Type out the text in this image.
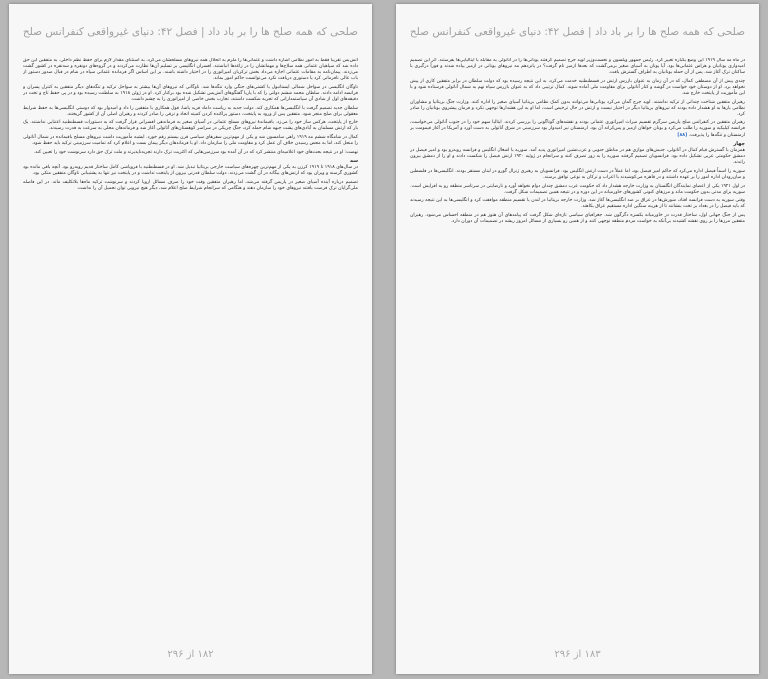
صلحی که همه صلح ها را بر باد داد | فصل ۴۲: دنیای غیرواقعی کنفرانس صلح

آتش‌بس تقریباً فقط به امور نظامی اشاره داشت و عثمانی‌ها را ملزم به انحلال همه نیروهای مسلحشان می‌کرد، به استثنای مقدار لازم برای حفظ نظم داخلی. به متفقین این حق داده شد که سپاهیان عثمانی همه سلاح‌ها و مهماتشان را در زاغه‌ها انباشتند. افسران انگلیسی بر تسلیم آن‌ها نظارت می‌کردند و در گروه‌های دونفره و سه‌نفره در کشور گشت می‌زدند. پیمان‌نامه به مقامات عثمانی اجازه می‌داد بخش ترکزبان امپراتوری را در اختیار داشته باشند. بر این اساس اگر فرمانده عثمانی سپاه در شام در قبال صدور دستور از باب عالی نافرمانی کرد یا دستوری دریافت نکرد می‌توانست حاکم امور بماند.

ناوگان انگلیسی در سواحل شمالی ایستانبول با کشتی‌های جنگی وارد تنگه‌ها شد. ناوگانی که نیروهای آن‌ها بیشتر به سواحل ترکیه و تنگه‌های دیگر متفقین به کنترل پسران و فرانسه ادامه دادند. سلطان محمد ششم دولتی را که با پاریا گفتگوهای آتش‌بس تشکیل شده بود برکنار کرد. او در ژوئن ۱۹۱۸ به سلطنت رسیده بود و در پی حفظ تاج و تخت در دقیقه‌های اول از شادی آن سیاستمدارانی که تجربه شکست داشتند، تجارب بخش خاصی از امپراتوری را به چشم داشت.

سلطان جدید تصمیم گرفت با انگلیسی‌ها همکاری کند. دولت جدید به ریاست داماد فرید پاشا، قول همکاری با متفقین را داد و امیدوار بود که دوستی انگلیسی‌ها به حفظ شرایط معقولی برای صلح منجر شود. متفقین پس از ورود به پایتخت، دستور پراکنده کردن کمیته اتحاد و ترقی را صادر کردند و رهبران اصلی آن از کشور گریختند.

خارج از پایتخت، هرکس ساز خود را می‌زد. باقیماندهٔ نیروهای مسلح عثمانی در آسیای صغیر به فرماندهی افسرانی قرار گرفت که به دستورات قسطنطنیه اعتنایی نداشتند. یک بار که ارتش مسلمان به آبادی‌های پشت جبهه شام حمله کرد، جنگ چریکی در سراسر کوهستان‌های آناتولی آغاز شد و فرماندهان محلی به سرعت به قدرت رسیدند.

کمال در شامگاه ششم مه ۱۹۱۹ راهی سامسون شد و یکی از مهم‌ترین سفرهای سیاسی قرن بیستم رقم خورد. ایشبه مأموریت داشت نیروهای مسلح باقیمانده در شمال آناتولی را منحل کند، اما به محض رسیدن خلاف آن عمل کرد و مقاومت ملی را سازمان داد. او با فرماندهان دیگر پیمان بست و اعلام کرد که تمامیت سرزمینی ترکیه باید حفظ شود.

نهضت: او در نتیجه بحث‌های خود اعلامیه‌ای منتشر کرد که در آن آمده بود سرزمین‌هایی که اکثریت ترک دارند تجزیه‌ناپذیرند و ملت ترک حق دارد سرنوشت خود را تعیین کند.

سه

در سال‌های ۱۹۱۸ تا ۱۹۱۹ کرزن به یکی از مهم‌ترین چهره‌های سیاست خارجی بریتانیا تبدیل شد. او در قسطنطنیه با فروپاشی کامل ساختار قدیم روبه‌رو بود. آنچه باقی مانده بود کشوری گرسنه و ویران بود که ارتش‌های بیگانه در آن گشت می‌زدند. دولت سلطان قدرتی بیرون از پایتخت نداشت و در پایتخت نیز تنها به پشتیبانی ناوگان متفقین متکی بود.

تصمیم درباره آینده آسیای صغیر در پاریس گرفته می‌شد، اما رهبران متفقین وقت خود را صرف مسائل اروپا کردند و سرنوشت ترکیه ماه‌ها بلاتکلیف ماند. در این فاصله ملی‌گرایان ترک فرصت یافتند نیروهای خود را سازمان دهند و هنگامی که سرانجام شرایط صلح اعلام شد، دیگر هیچ نیرویی توان تحمیل آن را نداشت.

۱۸۲ از ۲۹۶
صلحی که همه صلح ها را بر باد داد | فصل ۴۲: دنیای غیرواقعی کنفرانس صلح

در ماه مه سال ۱۹۱۹ این وضع یکباره تغییر کرد. رئیس جمهور ویلسون و نخست‌وزیر لوید جرج تصمیم گرفتند یونانی‌ها را در آناتولی به مقابله با ایتالیایی‌ها بفرستند. اثر این تصمیم امیدواری یونانیان و هراس عثمانی‌ها بود. آیا یونان به آسیای صغیر برمی‌گشت که بعدها ازمیر نام گرفت؟ در پانزدهم مه نیروهای یونانی در ازمیر پیاده شدند و فوراً درگیری با ساکنان ترک آغاز شد. پس از آن حمله یونانیان به اطراف گسترش یافت.

چندی پیش از آن مصطفی کمال، که در آن زمان به عنوان بازرس ارتش در قسطنطنیه خدمت می‌کرد، به این نتیجه رسیده بود که دولت سلطان در برابر متفقین کاری از پیش نخواهد برد. او از دوستان خود خواست در گوشه و کنار آناتولی برای مقاومت ملی آماده شوند. کمال ترتیبی داد که به عنوان بازرس سپاه نهم به شمال آناتولی فرستاده شود و با این مأموریت از پایتخت خارج شد.

رهبران متفقین شناخت چندانی از ترکیه نداشتند. لوید جرج گمان می‌کرد یونانی‌ها می‌توانند بدون کمک نظامی بریتانیا آسیای صغیر را اداره کنند. وزارت جنگ بریتانیا و مشاوران نظامی بارها به او هشدار داده بودند که نیروهای بریتانیا دیگر در اختیار نیست و ارتش در حال ترخیص است، اما او به این هشدارها توجهی نکرد و فرمان پیشروی یونانیان را صادر کرد.

رهبران متفقین در کنفرانس صلح پاریس سرگرم تقسیم میراث امپراتوری عثمانی بودند و نقشه‌های گوناگونی را بررسی کردند. ایتالیا سهم خود را در جنوب آناتولی می‌خواست، فرانسه کیلیکیه و سوریه را طلب می‌کرد و یونان خواهان ازمیر و پس‌کرانه آن بود. ارمنستان نیز امیدوار بود سرزمینی در شرق آناتولی به دست آورد و آمریکا در آغاز قیمومت بر ارمنستان و تنگه‌ها را پذیرفت. [۸۸]

چهار

همزمان با گسترش قیام کمال در آناتولی، جنبش‌های موازی هم در مناطق جنوبی و عرب‌نشین امپراتوری پدید آمد. سوریه با اشغال انگلیس و فرانسه روبه‌رو بود و امیر فیصل در دمشق حکومتی عربی تشکیل داده بود. فرانسویان تصمیم گرفتند سوریه را به زور تصرف کنند و سرانجام در ژوئیه ۱۹۲۰ ارتش فیصل را شکست دادند و او را از دمشق بیرون راندند.

سوریه را اسماً فیصل اداره می‌کرد که حاکم امیر فیصل بود، اما عملاً در دست ارتش انگلیس بود. فرانسویان به رهبری ژنرال گورو در لبنان مستقر بودند. انگلیسی‌ها در فلسطین و میان‌رودان اداره امور را بر عهده داشتند و در قاهره می‌کوشیدند با اعراب و ترکان به نوعی توافق برسند.

در اول ۱۹۲۱ یکی از اعضای نمایندگان انگلستان به وزارت خارجه هشدار داد که حکومت عرب دمشق چندان دوام نخواهد آورد و نارضایتی در سرتاسر منطقه رو به افزایش است. سوریه برای مدتی بدون حکومت ماند و مرزهای کنونی کشورهای خاورمیانه در این دوره و در نتیجه همین تصمیمات شکل گرفت.

وقتی سوریه به دست فرانسه افتاد، شورش‌ها در عراق بر ضد انگلیسی‌ها آغاز شد. وزارت خارجه بریتانیا در لندن با تقسیم منطقه موافقت کرد و انگلیسی‌ها به این نتیجه رسیدند که باید فیصل را در بغداد بر تخت بنشانند تا از هزینه سنگین اداره مستقیم عراق بکاهند.

پس از جنگ جهانی اول، ساختار قدرت در خاورمیانه یکسره دگرگون شد. جغرافیای سیاسی تازه‌ای شکل گرفت که پیامدهای آن هنوز هم در منطقه احساس می‌شود. رهبران متفقین مرزها را بر روی نقشه کشیدند بی‌آنکه به خواست مردم منطقه توجهی کنند و از همین رو بسیاری از مسائل امروز ریشه در تصمیمات آن دوران دارد.

۱۸۳ از ۲۹۶
